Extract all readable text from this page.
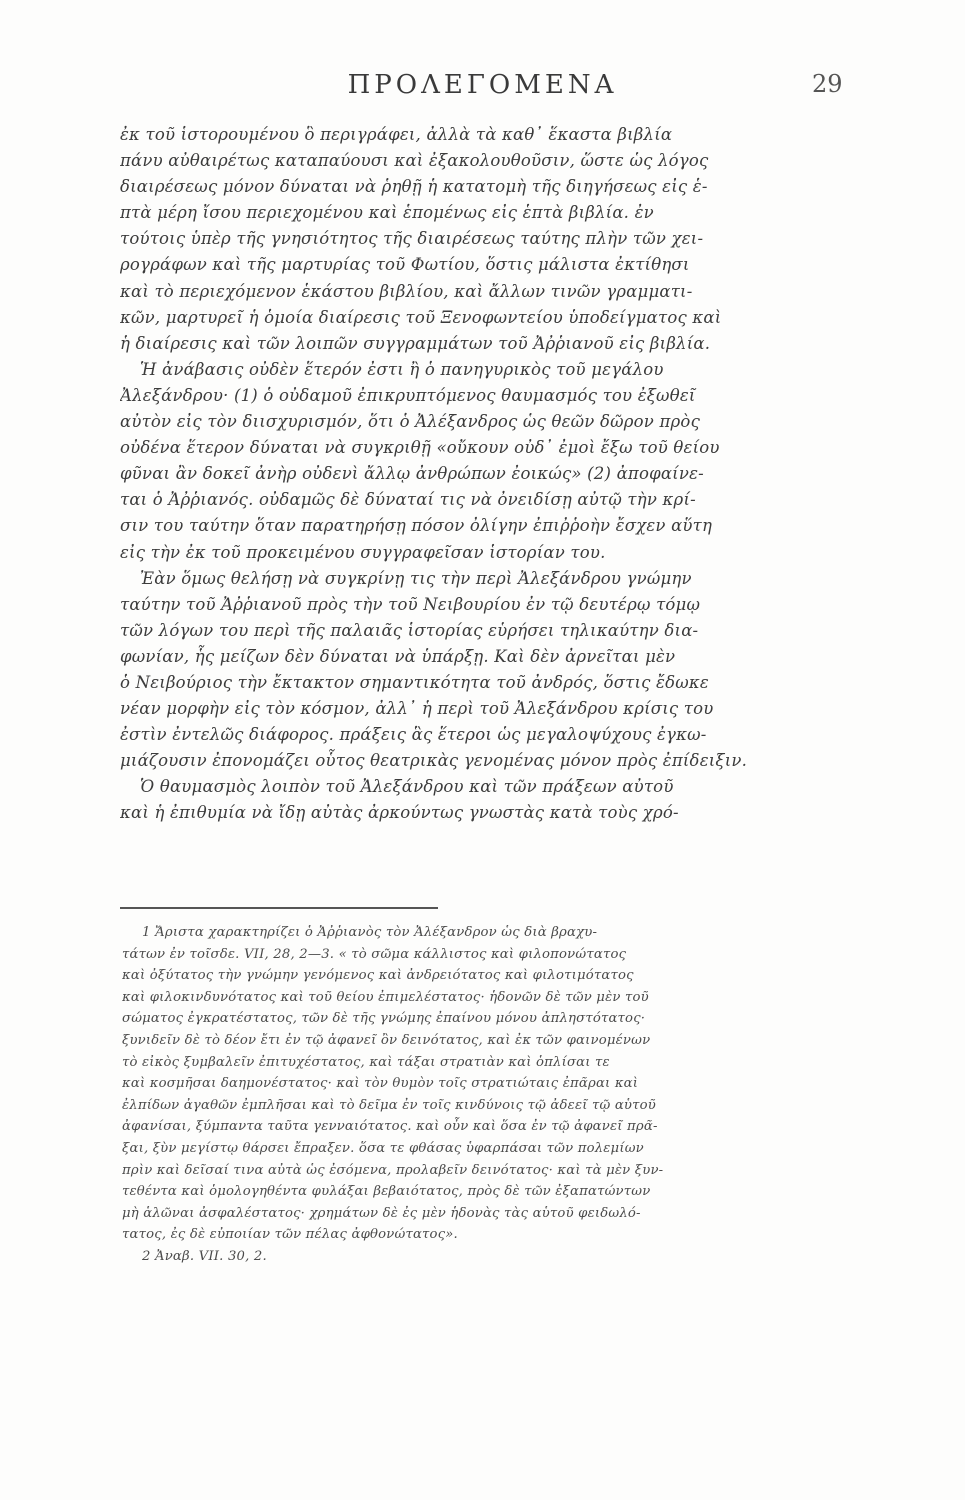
ΠΡΟΛΕΓΟΜΕΝΑ	29
ἐκ τοῦ ἱστορουμένου ὃ περιγράφει, ἀλλὰ τὰ καθ᾽ ἕκαστα βιβλία
πάνυ αὐθαιρέτως καταπαύουσι καὶ ἐξακολουθοῦσιν, ὥστε ὡς λόγος
διαιρέσεως μόνον δύναται νὰ ῥηθῇ ἡ κατατομὴ τῆς διηγήσεως εἰς ἑ-
πτὰ μέρη ἴσου περιεχομένου καὶ ἑπομένως εἰς ἑπτὰ βιβλία. ἐν
τούτοις ὑπὲρ τῆς γνησιότητος τῆς διαιρέσεως ταύτης πλὴν τῶν χει-
ρογράφων καὶ τῆς μαρτυρίας τοῦ Φωτίου, ὅστις μάλιστα ἐκτίθησι
καὶ τὸ περιεχόμενον ἑκάστου βιβλίου, καὶ ἄλλων τινῶν γραμματι-
κῶν, μαρτυρεῖ ἡ ὁμοία διαίρεσις τοῦ Ξενοφωντείου ὑποδείγματος καὶ
ἡ διαίρεσις καὶ τῶν λοιπῶν συγγραμμάτων τοῦ Ἀῤῥιανοῦ εἰς βιβλία.
Ἡ ἀνάβασις οὐδὲν ἕτερόν ἐστι ἢ ὁ πανηγυρικὸς τοῦ μεγάλου
Ἀλεξάνδρου· (1) ὁ οὐδαμοῦ ἐπικρυπτόμενος θαυμασμός του ἐξωθεῖ
αὐτὸν εἰς τὸν διισχυρισμόν, ὅτι ὁ Ἀλέξανδρος ὡς θεῶν δῶρον πρὸς
οὐδένα ἕτερον δύναται νὰ συγκριθῇ «οὔκουν οὐδ᾽ ἐμοὶ ἔξω τοῦ θείου
φῦναι ἂν δοκεῖ ἀνὴρ οὐδενὶ ἄλλῳ ἀνθρώπων ἐοικώς» (2) ἀποφαίνε-
ται ὁ Ἀῤῥιανός. οὐδαμῶς δὲ δύναταί τις νὰ ὀνειδίσῃ αὐτῷ τὴν κρί-
σιν του ταύτην ὅταν παρατηρήσῃ πόσον ὀλίγην ἐπιῤῥοὴν ἔσχεν αὕτη
εἰς τὴν ἐκ τοῦ προκειμένου συγγραφεῖσαν ἱστορίαν του.
Ἐὰν ὅμως θελήσῃ νὰ συγκρίνῃ τις τὴν περὶ Ἀλεξάνδρου γνώμην
ταύτην τοῦ Ἀῤῥιανοῦ πρὸς τὴν τοῦ Νειβουρίου ἐν τῷ δευτέρῳ τόμῳ
τῶν λόγων του περὶ τῆς παλαιᾶς ἱστορίας εὑρήσει τηλικαύτην δια-
φωνίαν, ἧς μείζων δὲν δύναται νὰ ὑπάρξῃ. Καὶ δὲν ἀρνεῖται μὲν
ὁ Νειβούριος τὴν ἔκτακτον σημαντικότητα τοῦ ἀνδρός, ὅστις ἔδωκε
νέαν μορφὴν εἰς τὸν κόσμον, ἀλλ᾽ ἡ περὶ τοῦ Ἀλεξάνδρου κρίσις του
ἐστὶν ἐντελῶς διάφορος. πράξεις ἃς ἕτεροι ὡς μεγαλοψύχους ἐγκω-
μιάζουσιν ἐπονομάζει οὗτος θεατρικὰς γενομένας μόνον πρὸς ἐπίδειξιν.
Ὁ θαυμασμὸς λοιπὸν τοῦ Ἀλεξάνδρου καὶ τῶν πράξεων αὐτοῦ
καὶ ἡ ἐπιθυμία νὰ ἴδῃ αὐτὰς ἀρκούντως γνωστὰς κατὰ τοὺς χρό-
1 Ἄριστα χαρακτηρίζει ὁ Ἀῤῥιανὸς τὸν Ἀλέξανδρον ὡς διὰ βραχυ-
τάτων ἐν τοῖσδε. VII, 28, 2—3. « τὸ σῶμα κάλλιστος καὶ φιλοπονώτατος
καὶ ὀξύτατος τὴν γνώμην γενόμενος καὶ ἀνδρειότατος καὶ φιλοτιμότατος
καὶ φιλοκινδυνότατος καὶ τοῦ θείου ἐπιμελέστατος· ἡδονῶν δὲ τῶν μὲν τοῦ
σώματος ἐγκρατέστατος, τῶν δὲ τῆς γνώμης ἐπαίνου μόνου ἀπληστότατος·
ξυνιδεῖν δὲ τὸ δέον ἔτι ἐν τῷ ἀφανεῖ ὂν δεινότατος, καὶ ἐκ τῶν φαινομένων
τὸ εἰκὸς ξυμβαλεῖν ἐπιτυχέστατος, καὶ τάξαι στρατιὰν καὶ ὁπλίσαι τε
καὶ κοσμῆσαι δαημονέστατος· καὶ τὸν θυμὸν τοῖς στρατιώταις ἐπᾶραι καὶ
ἐλπίδων ἀγαθῶν ἐμπλῆσαι καὶ τὸ δεῖμα ἐν τοῖς κινδύνοις τῷ ἀδεεῖ τῷ αὑτοῦ
ἀφανίσαι, ξύμπαντα ταῦτα γενναιότατος. καὶ οὖν καὶ ὅσα ἐν τῷ ἀφανεῖ πρᾶ-
ξαι, ξὺν μεγίστῳ θάρσει ἔπραξεν. ὅσα τε φθάσας ὑφαρπάσαι τῶν πολεμίων
πρὶν καὶ δεῖσαί τινα αὐτὰ ὡς ἐσόμενα, προλαβεῖν δεινότατος· καὶ τὰ μὲν ξυν-
τεθέντα καὶ ὁμολογηθέντα φυλάξαι βεβαιότατος, πρὸς δὲ τῶν ἐξαπατώντων
μὴ ἁλῶναι ἀσφαλέστατος· χρημάτων δὲ ἐς μὲν ἡδονὰς τὰς αὑτοῦ φειδωλό-
τατος, ἐς δὲ εὐποιίαν τῶν πέλας ἀφθονώτατος».
2 Ἀναβ. VII. 30, 2.
